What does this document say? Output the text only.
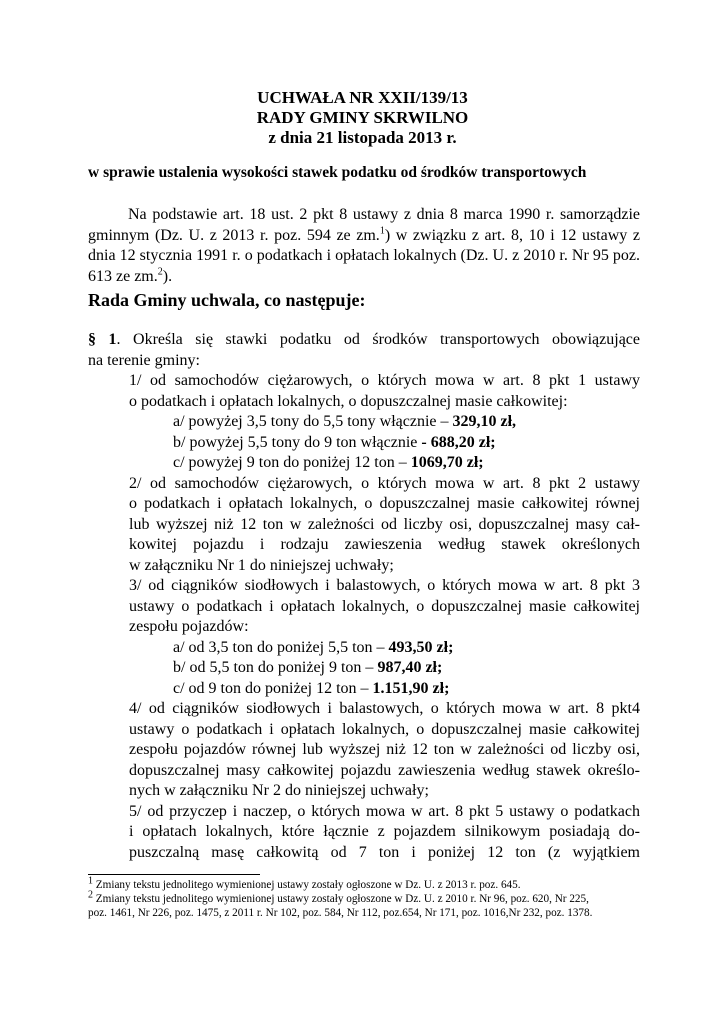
UCHWAŁA NR XXII/139/13
RADY GMINY SKRWILNO
z dnia 21 listopada 2013 r.
w sprawie ustalenia wysokości stawek podatku od środków transportowych
Na podstawie art. 18 ust. 2 pkt 8 ustawy z dnia 8 marca 1990 r. samorządzie gminnym (Dz. U. z 2013 r. poz. 594 ze zm.$^1$) w związku z art. 8, 10 i 12 ustawy z dnia 12 stycznia 1991 r. o podatkach i opłatach lokalnych (Dz. U. z 2010 r. Nr 95 poz. 613 ze zm.$^2$).
Rada Gminy uchwala, co następuje:
§ 1. Określa się stawki podatku od środków transportowych obowiązujące
na terenie gminy:
1/ od samochodów ciężarowych, o których mowa w art. 8 pkt 1 ustawy
o podatkach i opłatach lokalnych, o dopuszczalnej masie całkowitej:
a/ powyżej 3,5 tony do 5,5 tony włącznie – 329,10 zł,
b/ powyżej 5,5 tony do 9 ton włącznie - 688,20 zł;
c/ powyżej 9 ton do poniżej 12 ton – 1069,70 zł;
2/ od samochodów ciężarowych, o których mowa w art. 8 pkt 2 ustawy
o podatkach i opłatach lokalnych, o dopuszczalnej masie całkowitej równej
lub wyższej niż 12 ton w zależności od liczby osi, dopuszczalnej masy cał-
kowitej pojazdu i rodzaju zawieszenia według stawek określonych
w załączniku Nr 1 do niniejszej uchwały;
3/ od ciągników siodłowych i balastowych, o których mowa w art. 8 pkt 3
ustawy o podatkach i opłatach lokalnych, o dopuszczalnej masie całkowitej
zespołu pojazdów:
a/ od 3,5 ton do poniżej 5,5 ton – 493,50 zł;
b/ od 5,5 ton do poniżej 9 ton – 987,40 zł;
c/ od 9 ton do poniżej 12 ton – 1.151,90 zł;
4/ od ciągników siodłowych i balastowych, o których mowa w art. 8 pkt4
ustawy o podatkach i opłatach lokalnych, o dopuszczalnej masie całkowitej
zespołu pojazdów równej lub wyższej niż 12 ton w zależności od liczby osi,
dopuszczalnej masy całkowitej pojazdu zawieszenia według stawek określo-
nych w załączniku Nr 2 do niniejszej uchwały;
5/ od przyczep i naczep, o których mowa w art. 8 pkt 5 ustawy o podatkach
i opłatach lokalnych, które łącznie z pojazdem silnikowym posiadają do-
puszczalną masę całkowitą od 7 ton i poniżej 12 ton (z wyjątkiem
$^1$ Zmiany tekstu jednolitego wymienionej ustawy zostały ogłoszone w Dz. U. z 2013 r. poz. 645.
$^2$ Zmiany tekstu jednolitego wymienionej ustawy zostały ogłoszone w Dz. U. z 2010 r. Nr 96, poz. 620, Nr 225,
poz. 1461, Nr 226, poz. 1475, z 2011 r. Nr 102, poz. 584, Nr 112, poz.654, Nr 171, poz. 1016,Nr 232, poz. 1378.
